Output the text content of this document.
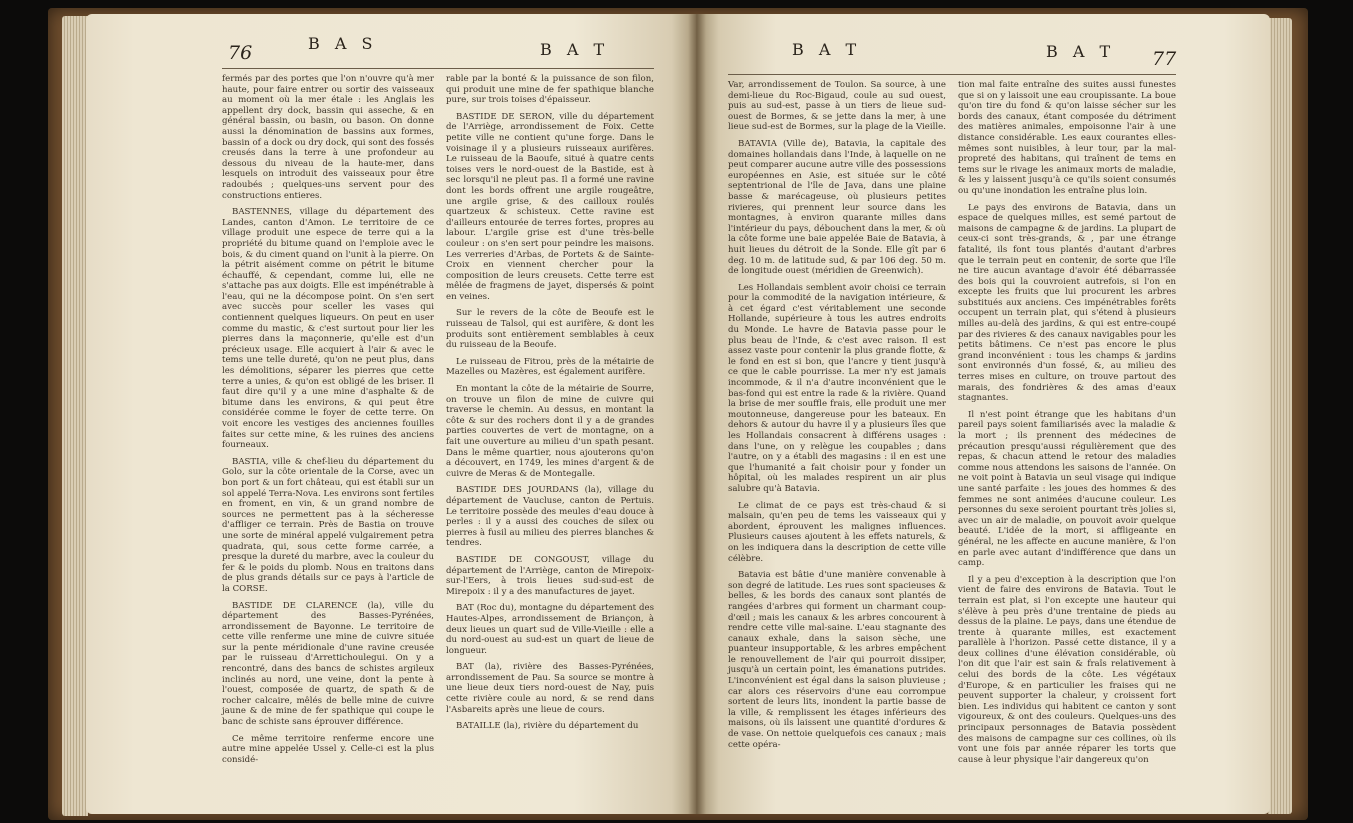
76	B A S	B A T	B A T	B A T 77

fermés par des portes que l'on n'ouvre qu'à mer haute, pour faire entrer ou sortir des vaisseaux au moment où la mer étale : les Anglais les appellent dry dock, bassin qui asseche, & en général bassin, ou basin, ou bason. On donne aussi la dénomination de bassins aux formes, bassin of a dock ou dry dock, qui sont des fossés creusés dans la terre à une profondeur au dessous du niveau de la haute-mer, dans lesquels on introduit des vaisseaux pour être radoubés ; quelques-uns servent pour des constructions entieres.

BASTENNES, village du département des Landes, canton d'Amon. Le territoire de ce village produit une espece de terre qui a la propriété du bitume quand on l'emploie avec le bois, & du ciment quand on l'unit à la pierre. On la pétrit aisément comme on pétrit le bitume échauffé, & cependant, comme lui, elle ne s'attache pas aux doigts. Elle est impénétrable à l'eau, qui ne la décompose point. On s'en sert avec succès pour sceller les vases qui contiennent quelques liqueurs. On peut en user comme du mastic, & c'est surtout pour lier les pierres dans la maçonnerie, qu'elle est d'un précieux usage. Elle acquiert à l'air & avec le tems une telle dureté, qu'on ne peut plus, dans les démolitions, séparer les pierres que cette terre a unies, & qu'on est obligé de les briser. Il faut dire qu'il y a une mine d'asphalte & de bitume dans les environs, & qui peut être considérée comme le foyer de cette terre. On voit encore les vestiges des anciennes fouilles faites sur cette mine, & les ruines des anciens fourneaux.

BASTIA, ville & chef-lieu du département du Golo, sur la côte orientale de la Corse, avec un bon port & un fort château, qui est établi sur un sol appelé Terra-Nova. Les environs sont fertiles en froment, en vin, & un grand nombre de sources ne permettent pas à la sécheresse d'affliger ce terrain. Près de Bastia on trouve une sorte de minéral appelé vulgairement petra quadrata, qui, sous cette forme carrée, a presque la dureté du marbre, avec la couleur du fer & le poids du plomb. Nous en traitons dans de plus grands détails sur ce pays à l'article de la CORSE.

BASTIDE DE CLARENCE (la), ville du département des Basses-Pyrénées, arrondissement de Bayonne. Le territoire de cette ville renferme une mine de cuivre située sur la pente méridionale d'une ravine creusée par le ruisseau d'Arrettichoulegui. On y a rencontré, dans des bancs de schistes argileux inclinés au nord, une veine, dont la pente à l'ouest, composée de quartz, de spath & de rocher calcaire, mêlés de belle mine de cuivre jaune & de mine de fer spathique qui coupe le banc de schiste sans éprouver différence.

Ce même territoire renferme encore une autre mine appelée Ussel y. Celle-ci est la plus considé-

rable par la bonté & la puissance de son filon, qui produit une mine de fer spathique blanche pure, sur trois toises d'épaisseur.

BASTIDE DE SERON, ville du département de l'Arriège, arrondissement de Foix. Cette petite ville ne contient qu'une forge. Dans le voisinage il y a plusieurs ruisseaux aurifères. Le ruisseau de la Baoufe, situé à quatre cents toises vers le nord-ouest de la Bastide, est à sec lorsqu'il ne pleut pas. Il a formé une ravine dont les bords offrent une argile rougeâtre, une argile grise, & des cailloux roulés quartzeux & schisteux. Cette ravine est d'ailleurs entourée de terres fortes, propres au labour. L'argile grise est d'une très-belle couleur : on s'en sert pour peindre les maisons. Les verreries d'Arbas, de Portets & de Sainte-Croix en viennent chercher pour la composition de leurs creusets. Cette terre est mêlée de fragmens de jayet, dispersés & point en veines.

Sur le revers de la côte de Beoufe est le ruisseau de Talsol, qui est aurifère, & dont les produits sont entièrement semblables à ceux du ruisseau de la Beoufe.

Le ruisseau de Fitrou, près de la métairie de Mazelles ou Mazères, est également aurifère.

En montant la côte de la métairie de Sourre, on trouve un filon de mine de cuivre qui traverse le chemin. Au dessus, en montant la côte & sur des rochers dont il y a de grandes parties couvertes de vert de montagne, on a fait une ouverture au milieu d'un spath pesant. Dans le même quartier, nous ajouterons qu'on a découvert, en 1749, les mines d'argent & de cuivre de Meras & de Montegalle.

BASTIDE DES JOURDANS (la), village du département de Vaucluse, canton de Pertuis. Le territoire possède des meules d'eau douce à perles : il y a aussi des couches de silex ou pierres à fusil au milieu des pierres blanches & tendres.

BASTIDE DE CONGOUST, village du département de l'Arriège, canton de Mirepoix-sur-l'Eers, à trois lieues sud-sud-est de Mirepoix : il y a des manufactures de jayet.

BAT (Roc du), montagne du département des Hautes-Alpes, arrondissement de Briançon, à deux lieues un quart sud de Ville-Vieille : elle a du nord-ouest au sud-est un quart de lieue de longueur.

BAT (la), rivière des Basses-Pyrénées, arrondissement de Pau. Sa source se montre à une lieue deux tiers nord-ouest de Nay, puis cette rivière coule au nord, & se rend dans l'Asbareits après une lieue de cours.

BATAILLE (la), rivière du département du

Var, arrondissement de Toulon. Sa source, à une demi-lieue du Roc-Bigaud, coule au sud ouest, puis au sud-est, passe à un tiers de lieue sud-ouest de Bormes, & se jette dans la mer, à une lieue sud-est de Bormes, sur la plage de la Vieille.

BATAVIA (Ville de), Batavia, la capitale des domaines hollandais dans l'Inde, à laquelle on ne peut comparer aucune autre ville des possessions européennes en Asie, est située sur le côté septentrional de l'île de Java, dans une plaine basse & marécageuse, où plusieurs petites rivieres, qui prennent leur source dans les montagnes, à environ quarante milles dans l'intérieur du pays, débouchent dans la mer, & où la côte forme une baie appelée Baie de Batavia, à huit lieues du détroit de la Sonde. Elle gît par 6 deg. 10 m. de latitude sud, & par 106 deg. 50 m. de longitude ouest (méridien de Greenwich).

Les Hollandais semblent avoir choisi ce terrain pour la commodité de la navigation intérieure, & à cet égard c'est véritablement une seconde Hollande, supérieure à tous les autres endroits du Monde. Le havre de Batavia passe pour le plus beau de l'Inde, & c'est avec raison. Il est assez vaste pour contenir la plus grande flotte, & le fond en est si bon, que l'ancre y tient jusqu'à ce que le cable pourrisse. La mer n'y est jamais incommode, & il n'a d'autre inconvénient que le bas-fond qui est entre la rade & la rivière. Quand la brise de mer souffle frais, elle produit une mer moutonneuse, dangereuse pour les bateaux. En dehors & autour du havre il y a plusieurs îles que les Hollandais consacrent à différens usages : dans l'une, on y relègue les coupables ; dans l'autre, on y a établi des magasins : il en est une que l'humanité a fait choisir pour y fonder un hôpital, où les malades respirent un air plus salubre qu'à Batavia.

Le climat de ce pays est très-chaud & si malsain, qu'en peu de tems les vaisseaux qui y abordent, éprouvent les malignes influences. Plusieurs causes ajoutent à les effets naturels, & on les indiquera dans la description de cette ville célèbre.

Batavia est bâtie d'une manière convenable à son degré de latitude. Les rues sont spacieuses & belles, & les bords des canaux sont plantés de rangées d'arbres qui forment un charmant coup-d'œil ; mais les canaux & les arbres concourent à rendre cette ville mal-saine. L'eau stagnante des canaux exhale, dans la saison sèche, une puanteur insupportable, & les arbres empêchent le renouvellement de l'air qui pourroit dissiper, jusqu'à un certain point, les émanations putrides. L'inconvénient est égal dans la saison pluvieuse ; car alors ces réservoirs d'une eau corrompue sortent de leurs lits, inondent la partie basse de la ville, & remplissent les étages inférieurs des maisons, où ils laissent une quantité d'ordures & de vase. On nettoie quelquefois ces canaux ; mais cette opéra-

tion mal faite entraîne des suites aussi funestes que si on y laissoit une eau croupissante. La boue qu'on tire du fond & qu'on laisse sécher sur les bords des canaux, étant composée du détriment des matières animales, empoisonne l'air à une distance considérable. Les eaux courantes elles-mêmes sont nuisibles, à leur tour, par la mal-propreté des habitans, qui traînent de tems en tems sur le rivage les animaux morts de maladie, & les y laissent jusqu'à ce qu'ils soient consumés ou qu'une inondation les entraîne plus loin.

Le pays des environs de Batavia, dans un espace de quelques milles, est semé partout de maisons de campagne & de jardins. La plupart de ceux-ci sont très-grands, & , par une étrange fatalité, ils font tous plantés d'autant d'arbres que le terrain peut en contenir, de sorte que l'île ne tire aucun avantage d'avoir été débarrassée des bois qui la couvroient autrefois, si l'on en excepte les fruits que lui procurent les arbres substitués aux anciens. Ces impénétrables forêts occupent un terrain plat, qui s'étend à plusieurs milles au-delà des jardins, & qui est entre-coupé par des rivieres & des canaux navigables pour les petits bâtimens. Ce n'est pas encore le plus grand inconvénient : tous les champs & jardins sont environnés d'un fossé, &, au milieu des terres mises en culture, on trouve partout des marais, des fondrières & des amas d'eaux stagnantes.

Il n'est point étrange que les habitans d'un pareil pays soient familiarisés avec la maladie & la mort ; ils prennent des médecines de précaution presqu'aussi régulièrement que des repas, & chacun attend le retour des maladies comme nous attendons les saisons de l'année. On ne voit point à Batavia un seul visage qui indique une santé parfaite : les joues des hommes & des femmes ne sont animées d'aucune couleur. Les personnes du sexe seroient pourtant très jolies si, avec un air de maladie, on pouvoit avoir quelque beauté. L'idée de la mort, si affligeante en général, ne les affecte en aucune manière, & l'on en parle avec autant d'indifférence que dans un camp.

Il y a peu d'exception à la description que l'on vient de faire des environs de Batavia. Tout le terrain est plat, si l'on excepte une hauteur qui s'élève à peu près d'une trentaine de pieds au dessus de la plaine. Le pays, dans une étendue de trente à quarante milles, est exactement parallèle à l'horizon. Passé cette distance, il y a deux collines d'une élévation considérable, où l'on dit que l'air est sain & fraîs relativement à celui des bords de la côte. Les végétaux d'Europe, & en particulier les fraises qui ne peuvent supporter la chaleur, y croissent fort bien. Les individus qui habitent ce canton y sont vigoureux, & ont des couleurs. Quelques-uns des principaux personnages de Batavia possèdent des maisons de campagne sur ces collines, où ils vont une fois par année réparer les torts que cause à leur physique l'air dangereux qu'on
